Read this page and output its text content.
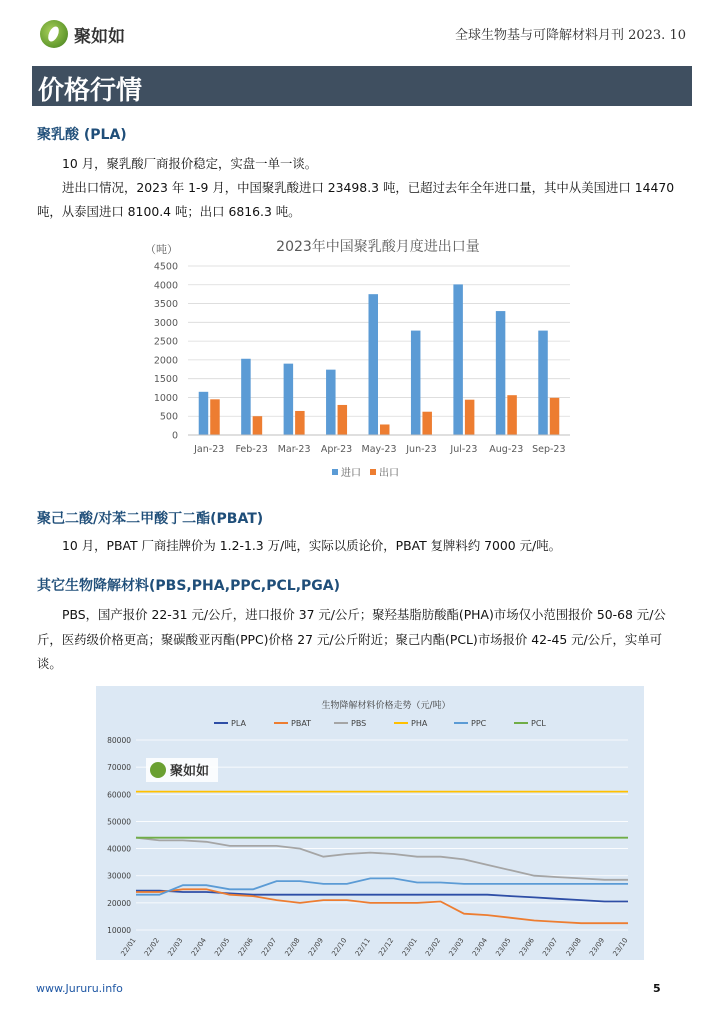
聚如如	全球生物基与可降解材料月刊 2023. 10
价格行情
聚乳酸 (PLA)
10 月，聚乳酸厂商报价稳定，实盘一单一谈。
进出口情况，2023 年 1-9 月，中国聚乳酸进口 23498.3 吨，已超过去年全年进口量，其中从美国进口 14470
吨，从泰国进口 8100.4 吨；出口 6816.3 吨。
2023年中国聚乳酸月度进出口量
（吨）
0
500
1000
1500
2000
2500
3000
3500
4000
4500
Jan-23 Feb-23 Mar-23 Apr-23 May-23 Jun-23 Jul-23 Aug-23 Sep-23
进口 出口
聚己二酸/对苯二甲酸丁二酯(PBAT)
10 月，PBAT 厂商挂牌价为 1.2-1.3 万/吨，实际以质论价，PBAT 复牌料约 7000 元/吨。
其它生物降解材料(PBS,PHA,PPC,PCL,PGA)
PBS，国产报价 22-31 元/公斤，进口报价 37 元/公斤；聚羟基脂肪酸酯(PHA)市场仅小范围报价 50-68 元/公
斤，医药级价格更高；聚碳酸亚丙酯(PPC)价格 27 元/公斤附近；聚己内酯(PCL)市场报价 42-45 元/公斤，实单可
谈。
生物降解材料价格走势（元/吨）
PLA	PBAT	PBS	PHA	PPC	PCL
10000
20000
30000
40000
50000
60000
70000
80000
22/01 22/02 22/03 22/04 22/05 22/06 22/07 22/08 22/09 22/10 22/11 22/12 23/01 23/02 23/03 23/04 23/05 23/06 23/07 23/08 23/09 23/10
聚如如
www.Jururu.info	5
